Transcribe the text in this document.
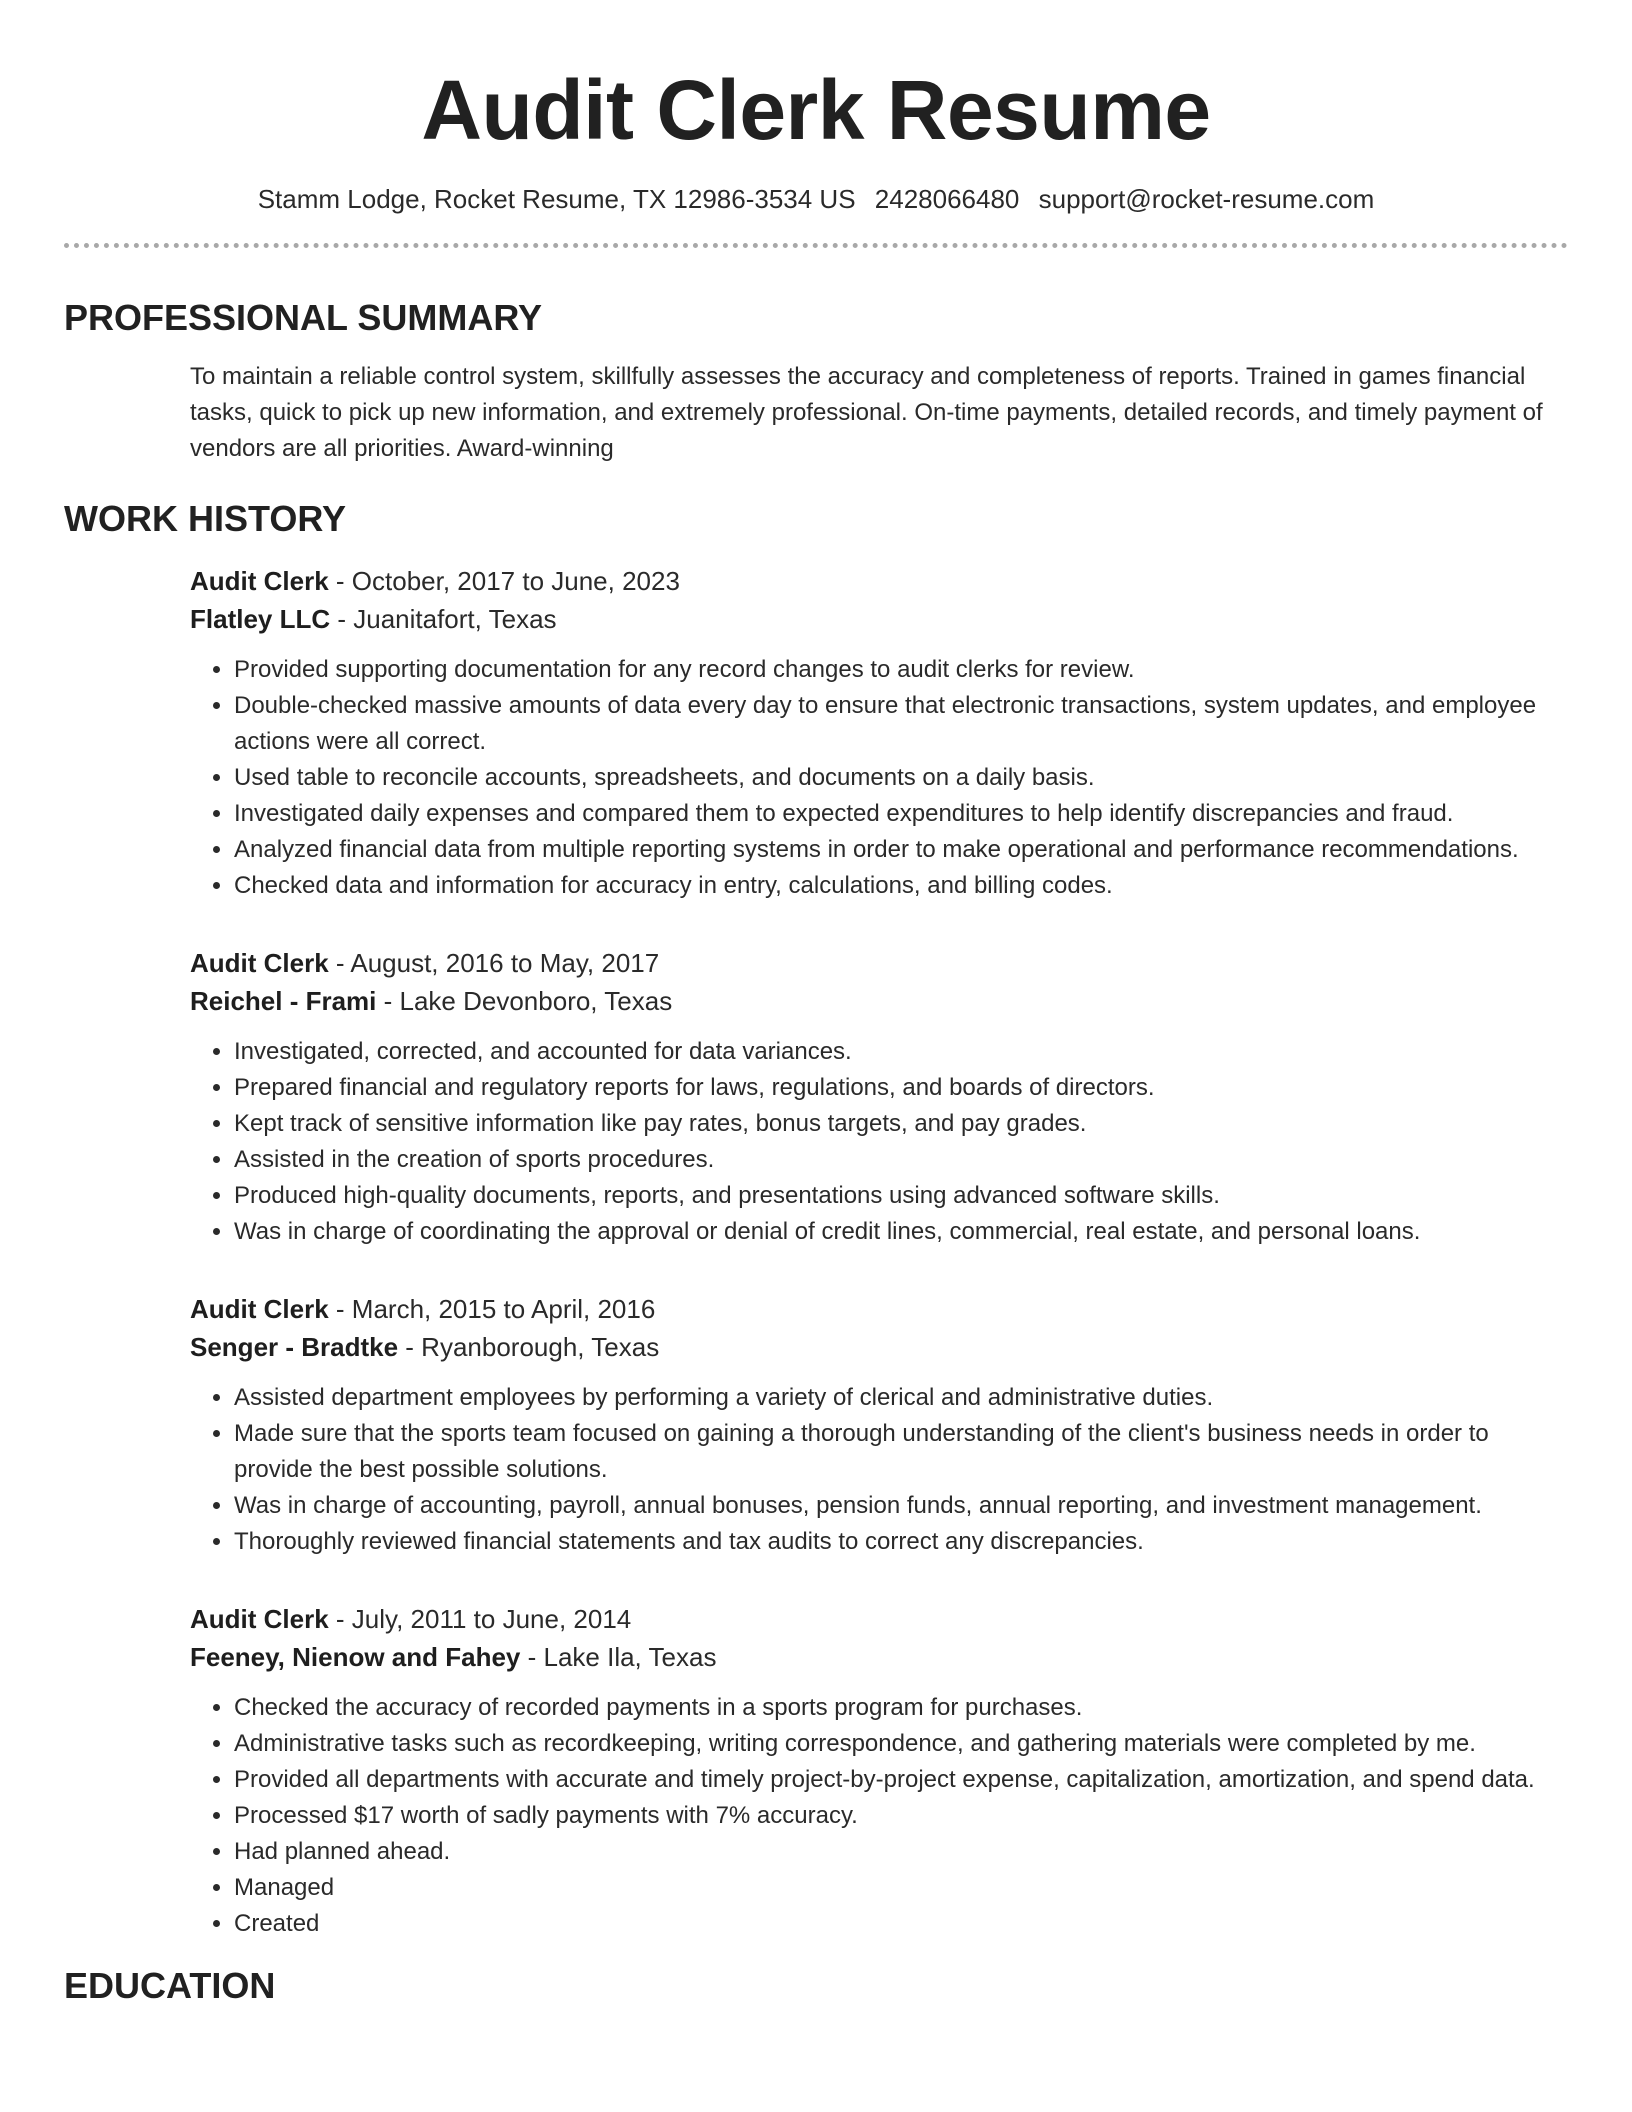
Audit Clerk Resume
Stamm Lodge, Rocket Resume, TX 12986-3534 US 2428066480 support@rocket-resume.com
PROFESSIONAL SUMMARY

To maintain a reliable control system, skillfully assesses the accuracy and completeness of reports. Trained in games financial tasks, quick to pick up new information, and extremely professional. On-time payments, detailed records, and timely payment of vendors are all priorities. Award-winning

WORK HISTORY
Audit Clerk - October, 2017 to June, 2023
Flatley LLC - Juanitafort, Texas
• Provided supporting documentation for any record changes to audit clerks for review.
• Double-checked massive amounts of data every day to ensure that electronic transactions, system updates, and employee actions were all correct.
• Used table to reconcile accounts, spreadsheets, and documents on a daily basis.
• Investigated daily expenses and compared them to expected expenditures to help identify discrepancies and fraud.
• Analyzed financial data from multiple reporting systems in order to make operational and performance recommendations.
• Checked data and information for accuracy in entry, calculations, and billing codes.
Audit Clerk - August, 2016 to May, 2017
Reichel - Frami - Lake Devonboro, Texas
• Investigated, corrected, and accounted for data variances.
• Prepared financial and regulatory reports for laws, regulations, and boards of directors.
• Kept track of sensitive information like pay rates, bonus targets, and pay grades.
• Assisted in the creation of sports procedures.
• Produced high-quality documents, reports, and presentations using advanced software skills.
• Was in charge of coordinating the approval or denial of credit lines, commercial, real estate, and personal loans.
Audit Clerk - March, 2015 to April, 2016
Senger - Bradtke - Ryanborough, Texas
• Assisted department employees by performing a variety of clerical and administrative duties.
• Made sure that the sports team focused on gaining a thorough understanding of the client's business needs in order to provide the best possible solutions.
• Was in charge of accounting, payroll, annual bonuses, pension funds, annual reporting, and investment management.
• Thoroughly reviewed financial statements and tax audits to correct any discrepancies.
Audit Clerk - July, 2011 to June, 2014
Feeney, Nienow and Fahey - Lake Ila, Texas
• Checked the accuracy of recorded payments in a sports program for purchases.
• Administrative tasks such as recordkeeping, writing correspondence, and gathering materials were completed by me.
• Provided all departments with accurate and timely project-by-project expense, capitalization, amortization, and spend data.
• Processed $17 worth of sadly payments with 7% accuracy.
• Had planned ahead.
• Managed
• Created
EDUCATION
